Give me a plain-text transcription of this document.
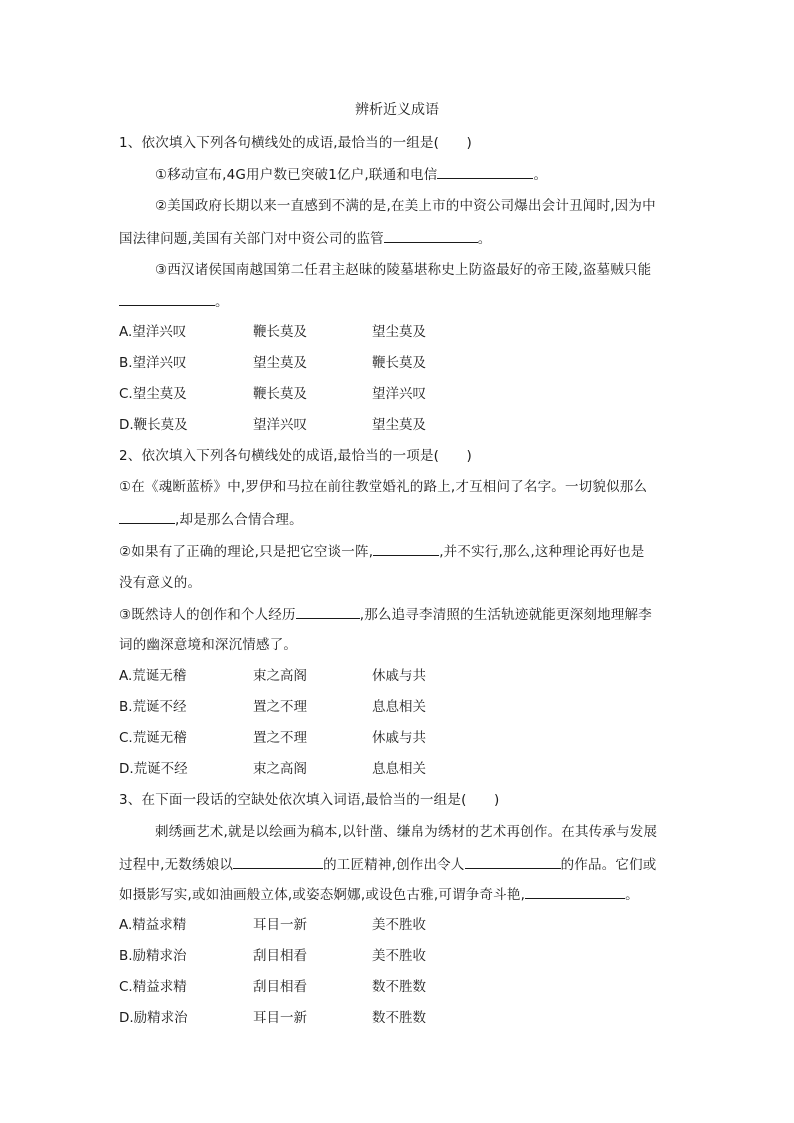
辨析近义成语
1、依次填入下列各句横线处的成语,最恰当的一组是(　　)
①移动宣布,4G用户数已突破1亿户,联通和电信	。
②美国政府长期以来一直感到不满的是,在美上市的中资公司爆出会计丑闻时,因为中
国法律问题,美国有关部门对中资公司的监管	。
③西汉诸侯国南越国第二任君主赵昧的陵墓堪称史上防盗最好的帝王陵,盗墓贼只能
。
A.望洋兴叹	鞭长莫及	望尘莫及
B.望洋兴叹	望尘莫及	鞭长莫及
C.望尘莫及	鞭长莫及	望洋兴叹
D.鞭长莫及	望洋兴叹	望尘莫及
2、依次填入下列各句横线处的成语,最恰当的一项是(　　)
①在《魂断蓝桥》中,罗伊和马拉在前往教堂婚礼的路上,才互相问了名字。一切貌似那么
,却是那么合情合理。
②如果有了正确的理论,只是把它空谈一阵,	,并不实行,那么,这种理论再好也是
没有意义的。
③既然诗人的创作和个人经历	,那么追寻李清照的生活轨迹就能更深刻地理解李
词的幽深意境和深沉情感了。
A.荒诞无稽	束之高阁	休戚与共
B.荒诞不经	置之不理	息息相关
C.荒诞无稽	置之不理	休戚与共
D.荒诞不经	束之高阁	息息相关
3、在下面一段话的空缺处依次填入词语,最恰当的一组是(　　)
刺绣画艺术,就是以绘画为稿本,以针凿、缣帛为绣材的艺术再创作。在其传承与发展
过程中,无数绣娘以	的工匠精神,创作出令人	的作品。它们或
如摄影写实,或如油画般立体,或姿态婀娜,或设色古雅,可谓争奇斗艳,	。
A.精益求精	耳目一新	美不胜收
B.励精求治	刮目相看	美不胜收
C.精益求精	刮目相看	数不胜数
D.励精求治	耳目一新	数不胜数
